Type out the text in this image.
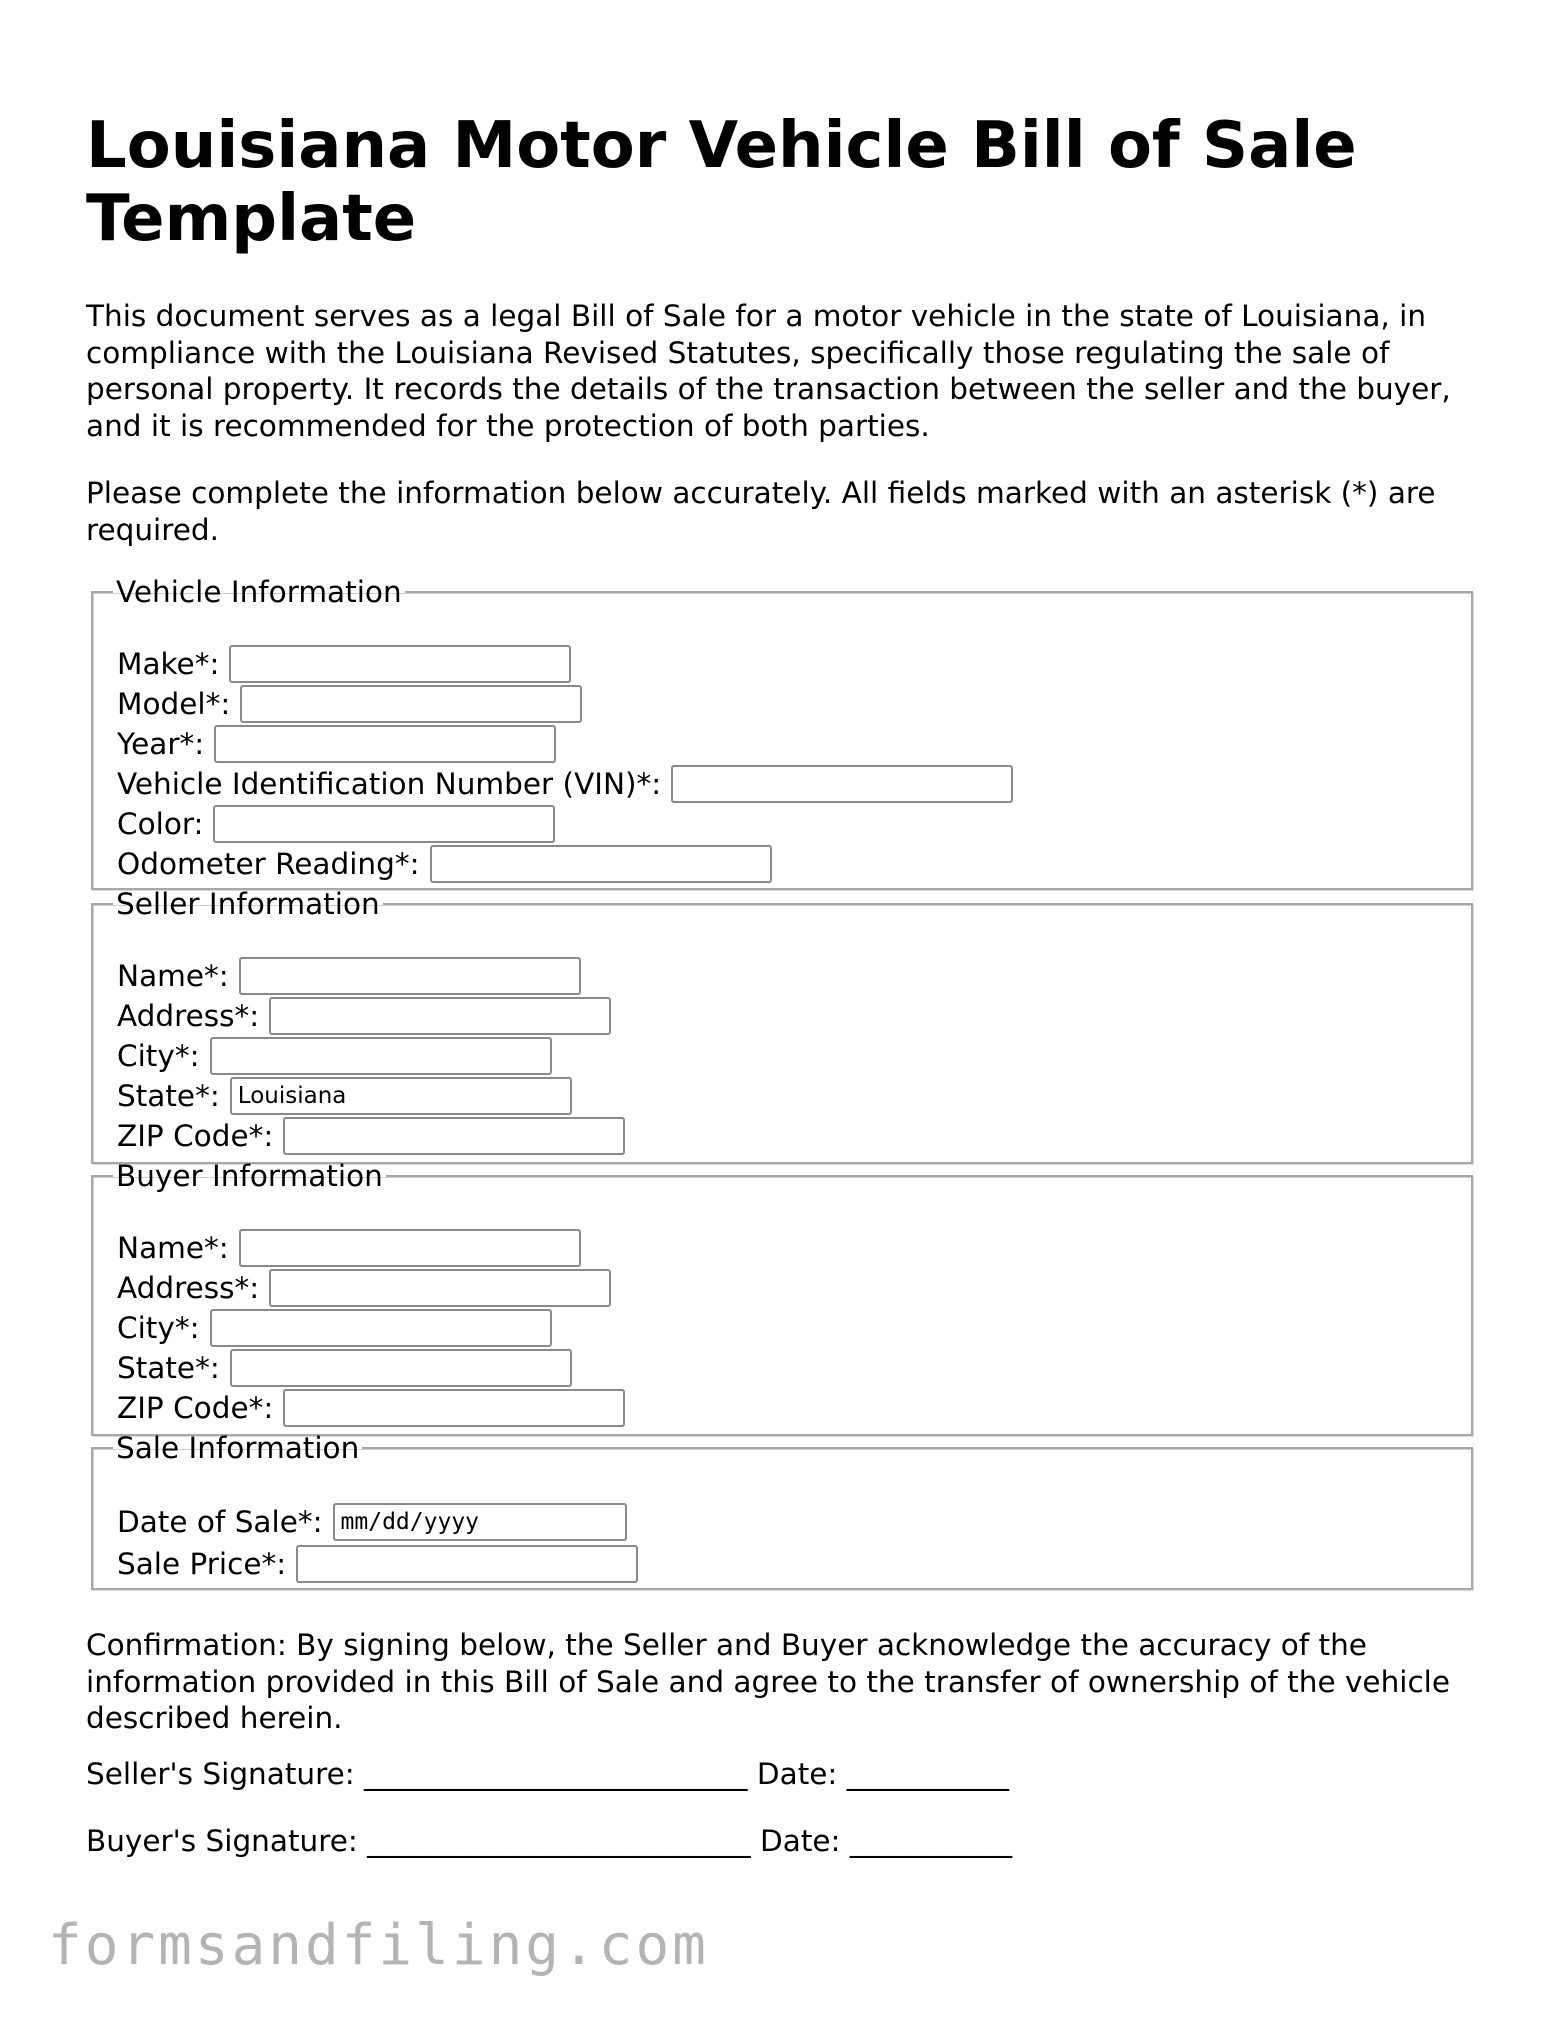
Louisiana Motor Vehicle Bill of Sale Template

This document serves as a legal Bill of Sale for a motor vehicle in the state of Louisiana, in compliance with the Louisiana Revised Statutes, specifically those regulating the sale of personal property. It records the details of the transaction between the seller and the buyer, and it is recommended for the protection of both parties.

Please complete the information below accurately. All fields marked with an asterisk (*) are required.

Vehicle Information
Make*:
Model*:
Year*:
Vehicle Identification Number (VIN)*:
Color:
Odometer Reading*:
Seller Information
Name*:
Address*:
City*:
State*:
Louisiana
ZIP Code*:
Buyer Information
Name*:
Address*:
City*:
State*:
ZIP Code*:
Sale Information
Date of Sale*:
mm/dd/yyyy
Sale Price*:

Confirmation: By signing below, the Seller and Buyer acknowledge the accuracy of the information provided in this Bill of Sale and agree to the transfer of ownership of the vehicle described herein.

Seller's Signature: __________________________ Date: ___________
Buyer's Signature: __________________________ Date: ___________
formsandfiling.com
